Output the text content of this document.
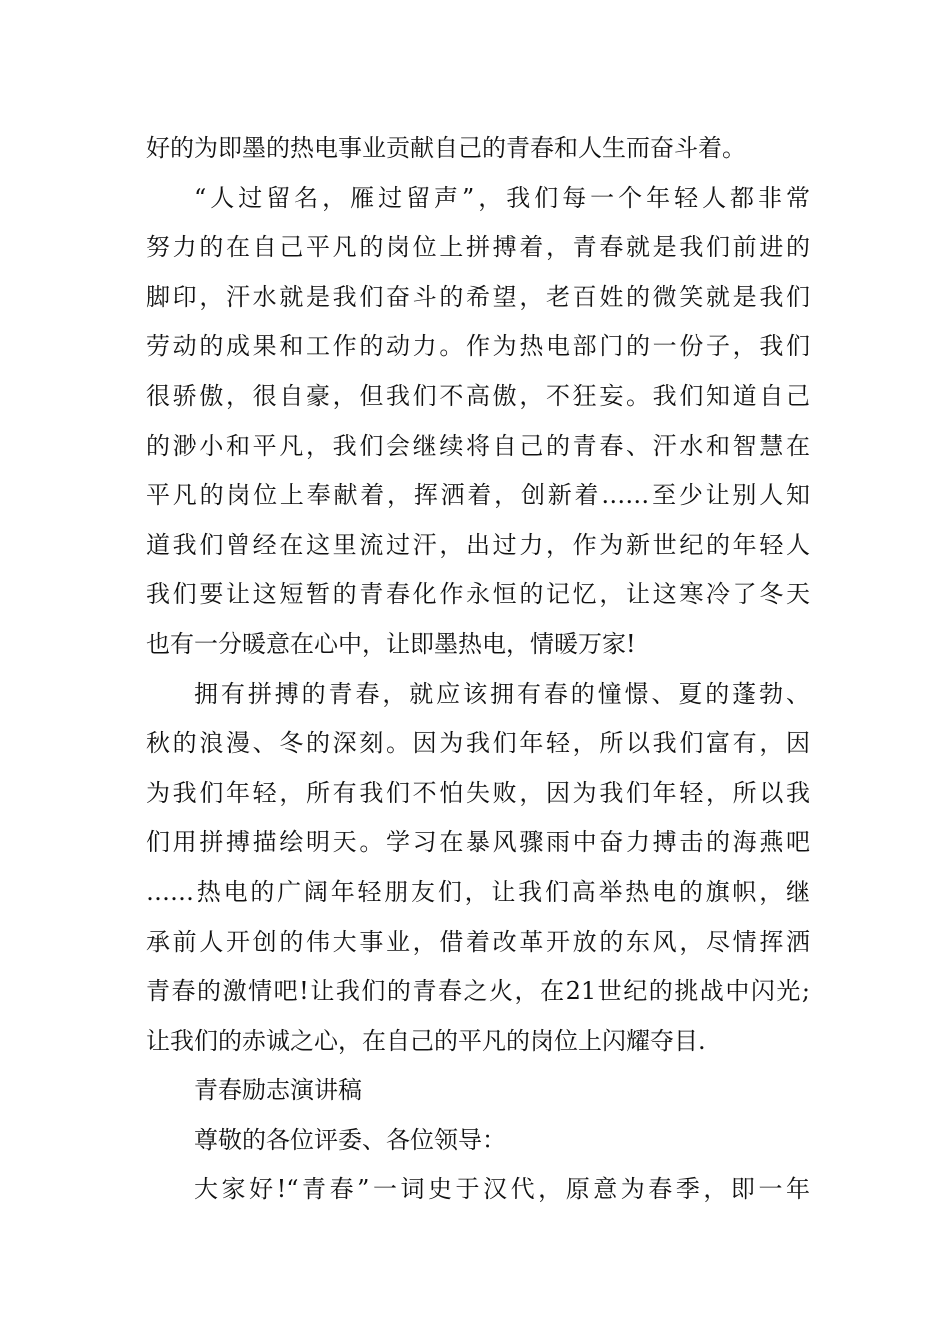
好的为即墨的热电事业贡献自己的青春和人生而奋斗着。
“人过留名，雁过留声”，我们每一个年轻人都非常
努力的在自己平凡的岗位上拼搏着，青春就是我们前进的
脚印，汗水就是我们奋斗的希望，老百姓的微笑就是我们
劳动的成果和工作的动力。作为热电部门的一份子，我们
很骄傲，很自豪，但我们不高傲，不狂妄。我们知道自己
的渺小和平凡，我们会继续将自己的青春、汗水和智慧在
平凡的岗位上奉献着，挥洒着，创新着……至少让别人知
道我们曾经在这里流过汗，出过力，作为新世纪的年轻人
我们要让这短暂的青春化作永恒的记忆，让这寒冷了冬天
也有一分暖意在心中，让即墨热电，情暖万家!
拥有拼搏的青春，就应该拥有春的憧憬、夏的蓬勃、
秋的浪漫、冬的深刻。因为我们年轻，所以我们富有，因
为我们年轻，所有我们不怕失败，因为我们年轻，所以我
们用拼搏描绘明天。学习在暴风骤雨中奋力搏击的海燕吧
……热电的广阔年轻朋友们，让我们高举热电的旗帜，继
承前人开创的伟大事业，借着改革开放的东风，尽情挥洒
青春的激情吧!让我们的青春之火，在21世纪的挑战中闪光;
让我们的赤诚之心，在自己的平凡的岗位上闪耀夺目.
青春励志演讲稿
尊敬的各位评委、各位领导：
大家好!“青春”一词史于汉代，原意为春季，即一年
